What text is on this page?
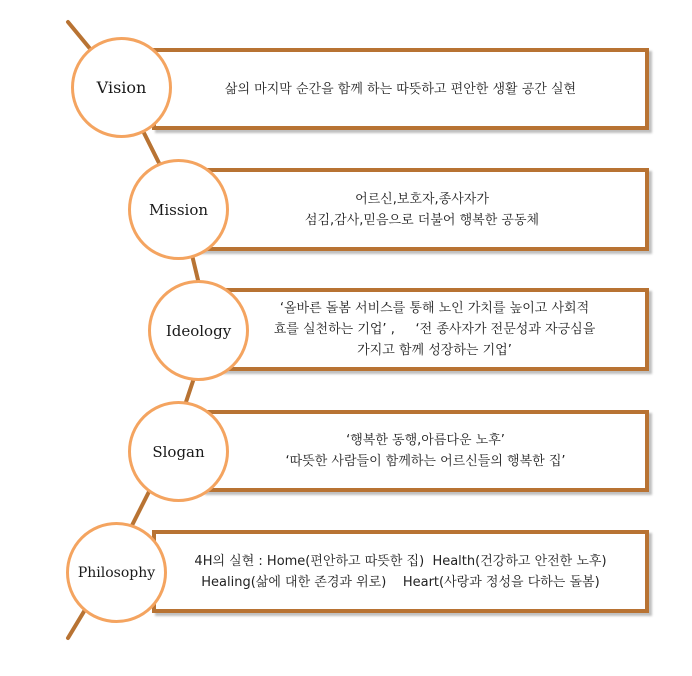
삶의 마지막 순간을 함께 하는 따뜻하고 편안한 생활 공간 실현
Vision
어르신,보호자,종사자가
섬김,감사,믿음으로 더불어 행복한 공동체
Mission
‘올바른 돌봄 서비스를 통해 노인 가치를 높이고 사회적
효를 실천하는 기업’ ,     ‘전 종사자가 전문성과 자긍심을
가지고 함께 성장하는 기업’
Ideology
‘행복한 동행,아름다운 노후’
‘따뜻한 사람들이 함께하는 어르신들의 행복한 집’
Slogan
4H의 실현 : Home(편안하고 따뜻한 집)  Health(건강하고 안전한 노후)
Healing(삶에 대한 존경과 위로)    Heart(사랑과 정성을 다하는 돌봄)
Philosophy
